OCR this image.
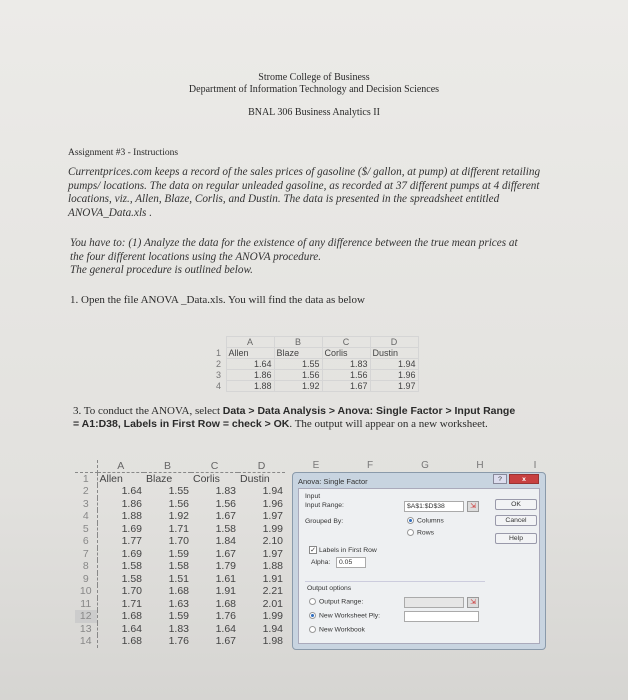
Strome College of Business
Department of Information Technology and Decision Sciences
BNAL 306 Business Analytics II
Assignment #3 - Instructions
Currentprices.com keeps a record of the sales prices of gasoline ($/ gallon, at pump) at different retailing pumps/ locations. The data on regular unleaded gasoline, as recorded at 37 different pumps at 4 different locations, viz., Allen, Blaze, Corlis, and Dustin. The data is presented in the spreadsheet entitled ANOVA_Data.xls .
You have to: (1) Analyze the data for the existence of any difference between the true mean prices at the four different locations using the ANOVA procedure.
The general procedure is outlined below.
1. Open the file ANOVA _Data.xls. You will find the data as below
	A	B	C	D
1	Allen	Blaze	Corlis	Dustin
2	1.64	1.55	1.83	1.94
3	1.86	1.56	1.56	1.96
4	1.88	1.92	1.67	1.97
3. To conduct the ANOVA, select Data > Data Analysis > Anova: Single Factor > Input Range = A1:D38, Labels in First Row = check > OK. The output will appear on a new worksheet.
	A	B	C	D
1	Allen	Blaze	Corlis	Dustin
2	1.64	1.55	1.83	1.94
3	1.86	1.56	1.56	1.96
4	1.88	1.92	1.67	1.97
5	1.69	1.71	1.58	1.99
6	1.77	1.70	1.84	2.10
7	1.69	1.59	1.67	1.97
8	1.58	1.58	1.79	1.88
9	1.58	1.51	1.61	1.91
10	1.70	1.68	1.91	2.21
11	1.71	1.63	1.68	2.01
12	1.68	1.59	1.76	1.99
13	1.64	1.83	1.64	1.94
14	1.68	1.76	1.67	1.98
E	F	G	H	I
Anova: Single Factor	?	x
Input
Input Range:	$A$1:$D$38	⇲
Grouped By:	Columns
Rows
✓ Labels in First Row
Alpha:	0.05
Output options
Output Range:	⇲
New Worksheet Ply:
New Workbook
OK
Cancel
Help
